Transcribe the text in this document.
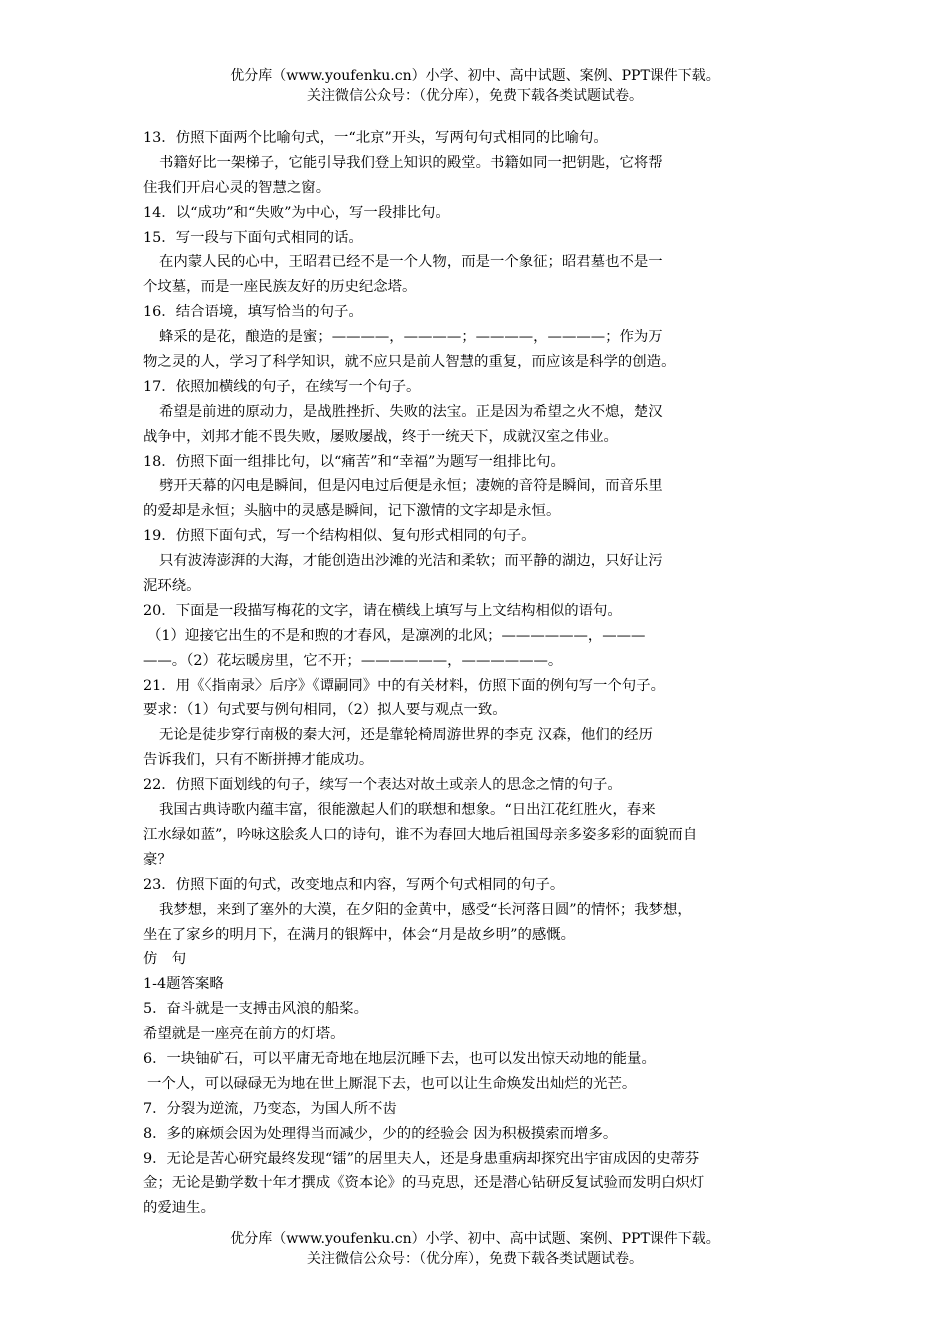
优分库（www.youfenku.cn）小学、初中、高中试题、案例、PPT课件下载。
关注微信公众号：（优分库），免费下载各类试题试卷。
13．仿照下面两个比喻句式，一“北京”开头，写两句句式相同的比喻句。
书籍好比一架梯子，它能引导我们登上知识的殿堂。书籍如同一把钥匙，它将帮
住我们开启心灵的智慧之窗。
14．以“成功”和“失败”为中心，写一段排比句。
15．写一段与下面句式相同的话。
在内蒙人民的心中，王昭君已经不是一个人物，而是一个象征；昭君墓也不是一
个坟墓，而是一座民族友好的历史纪念塔。
16．结合语境，填写恰当的句子。
蜂采的是花，酿造的是蜜；————，————；————，————；作为万
物之灵的人，学习了科学知识，就不应只是前人智慧的重复，而应该是科学的创造。
17．依照加横线的句子，在续写一个句子。
希望是前进的原动力，是战胜挫折、失败的法宝。正是因为希望之火不熄，楚汉
战争中，刘邦才能不畏失败，屡败屡战，终于一统天下，成就汉室之伟业。
18．仿照下面一组排比句，以“痛苦”和“幸福”为题写一组排比句。
劈开天幕的闪电是瞬间，但是闪电过后便是永恒；凄婉的音符是瞬间，而音乐里
的爱却是永恒；头脑中的灵感是瞬间，记下激情的文字却是永恒。
19．仿照下面句式，写一个结构相似、复句形式相同的句子。
只有波涛澎湃的大海，才能创造出沙滩的光洁和柔软；而平静的湖边，只好让污
泥环绕。
20．下面是一段描写梅花的文字，请在横线上填写与上文结构相似的语句。
（1）迎接它出生的不是和煦的才春风，是凛冽的北风；——————，———
——。（2）花坛暖房里，它不开；——————，——————。
21．用《〈指南录〉后序》《谭嗣同》中的有关材料，仿照下面的例句写一个句子。
要求：（1）句式要与例句相同，（2）拟人要与观点一致。
无论是徒步穿行南极的秦大河，还是靠轮椅周游世界的李克 汉森，他们的经历
告诉我们，只有不断拼搏才能成功。
22．仿照下面划线的句子，续写一个表达对故土或亲人的思念之情的句子。
我国古典诗歌内蕴丰富，很能激起人们的联想和想象。“日出江花红胜火，春来
江水绿如蓝”，吟咏这脍炙人口的诗句，谁不为春回大地后祖国母亲多姿多彩的面貌而自
豪？
23．仿照下面的句式，改变地点和内容，写两个句式相同的句子。
我梦想，来到了塞外的大漠，在夕阳的金黄中，感受“长河落日圆”的情怀；我梦想，
坐在了家乡的明月下，在满月的银辉中，体会“月是故乡明”的感慨。
仿　句
1-4题答案略
5．奋斗就是一支搏击风浪的船桨。
希望就是一座亮在前方的灯塔。
6．一块铀矿石，可以平庸无奇地在地层沉睡下去，也可以发出惊天动地的能量。
一个人，可以碌碌无为地在世上厮混下去，也可以让生命焕发出灿烂的光芒。
7．分裂为逆流，乃变态，为国人所不齿
8．多的麻烦会因为处理得当而减少，少的的经验会 因为积极摸索而增多。
9．无论是苦心研究最终发现“镭”的居里夫人，还是身患重病却探究出宇宙成因的史蒂芬
金；无论是勤学数十年才撰成《资本论》的马克思，还是潜心钻研反复试验而发明白炽灯
的爱迪生。
优分库（www.youfenku.cn）小学、初中、高中试题、案例、PPT课件下载。
关注微信公众号：（优分库），免费下载各类试题试卷。
